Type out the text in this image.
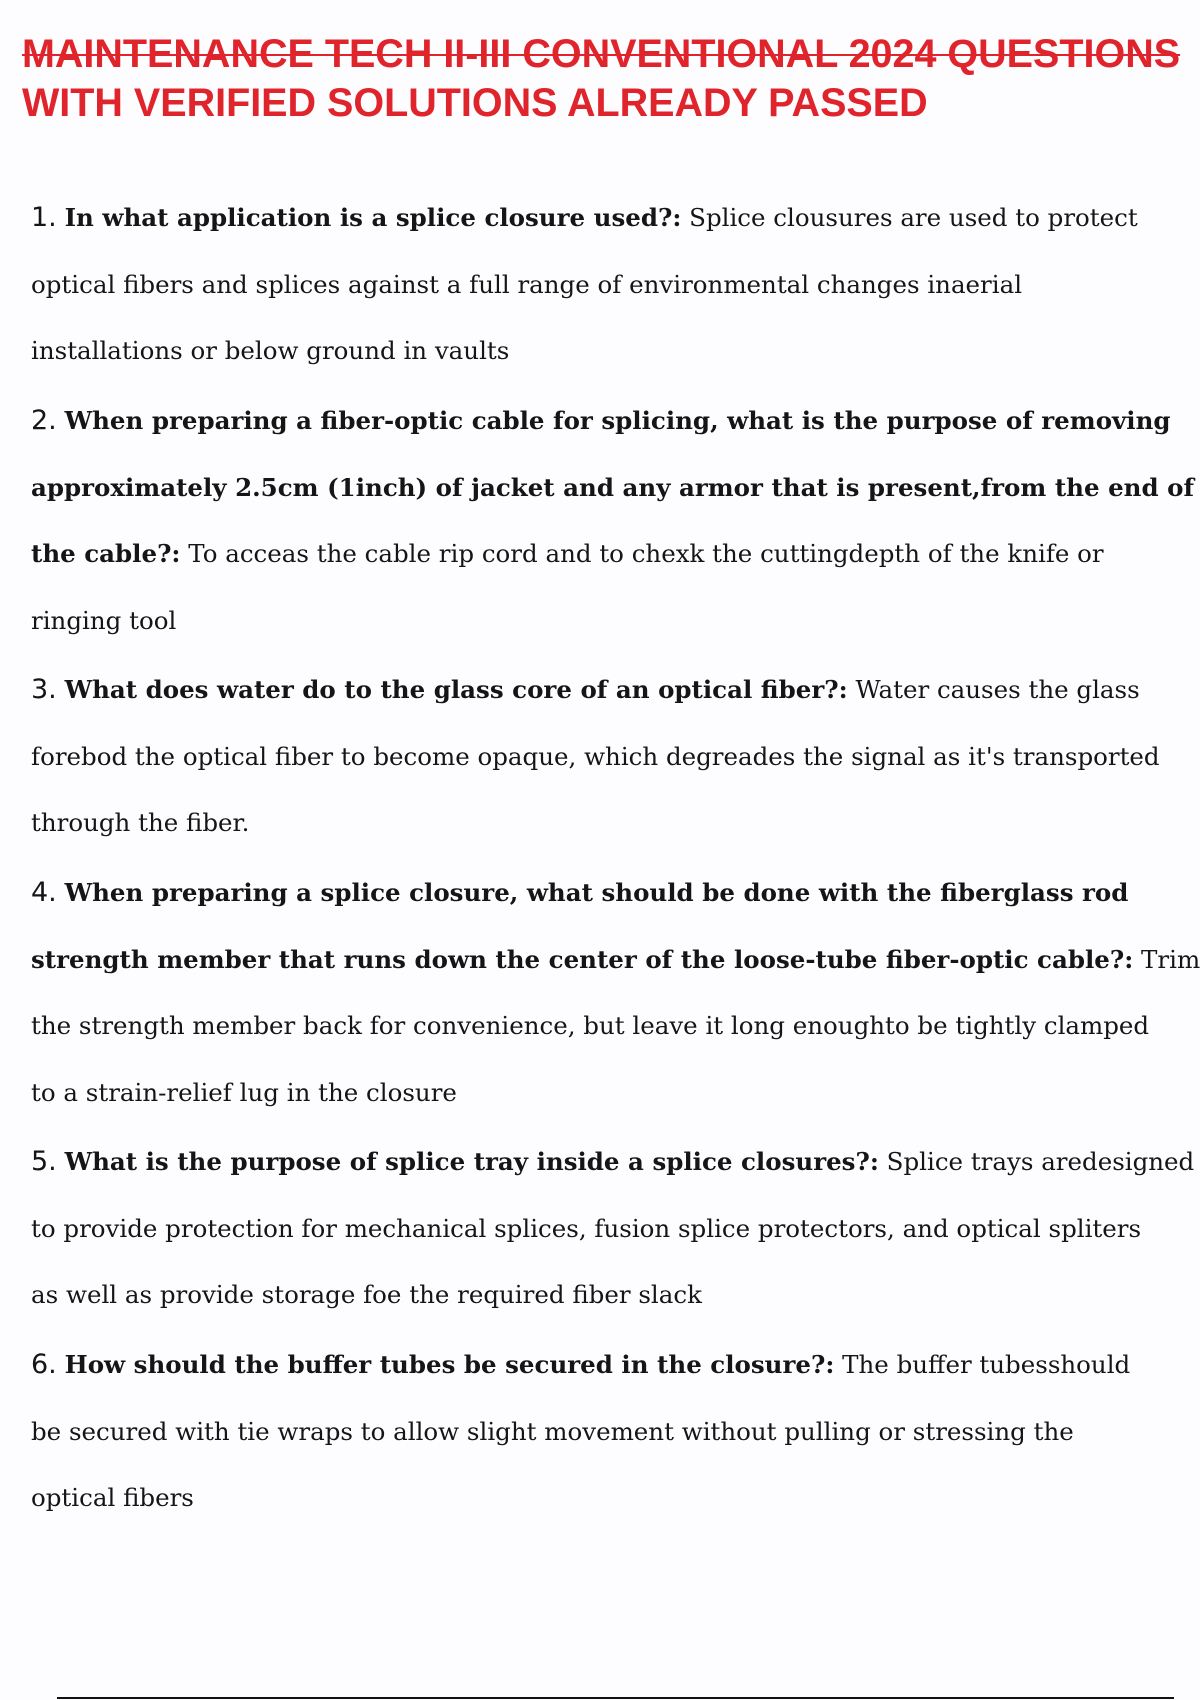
MAINTENANCE TECH II-III CONVENTIONAL 2024 QUESTIONS
WITH VERIFIED SOLUTIONS ALREADY PASSED
1. In what application is a splice closure used?: Splice clousures are used to protect
optical fibers and splices against a full range of environmental changes inaerial
installations or below ground in vaults
2. When preparing a fiber-optic cable for splicing, what is the purpose of removing
approximately 2.5cm (1inch) of jacket and any armor that is present,from the end of
the cable?: To acceas the cable rip cord and to chexk the cuttingdepth of the knife or
ringing tool
3. What does water do to the glass core of an optical fiber?: Water causes the glass
forebod the optical fiber to become opaque, which degreades the signal as it's transported
through the fiber.
4. When preparing a splice closure, what should be done with the fiberglass rod
strength member that runs down the center of the loose-tube fiber-optic cable?: Trim
the strength member back for convenience, but leave it long enoughto be tightly clamped
to a strain-relief lug in the closure
5. What is the purpose of splice tray inside a splice closures?: Splice trays aredesigned
to provide protection for mechanical splices, fusion splice protectors, and optical spliters
as well as provide storage foe the required fiber slack
6. How should the buffer tubes be secured in the closure?: The buffer tubesshould
be secured with tie wraps to allow slight movement without pulling or stressing the
optical fibers
